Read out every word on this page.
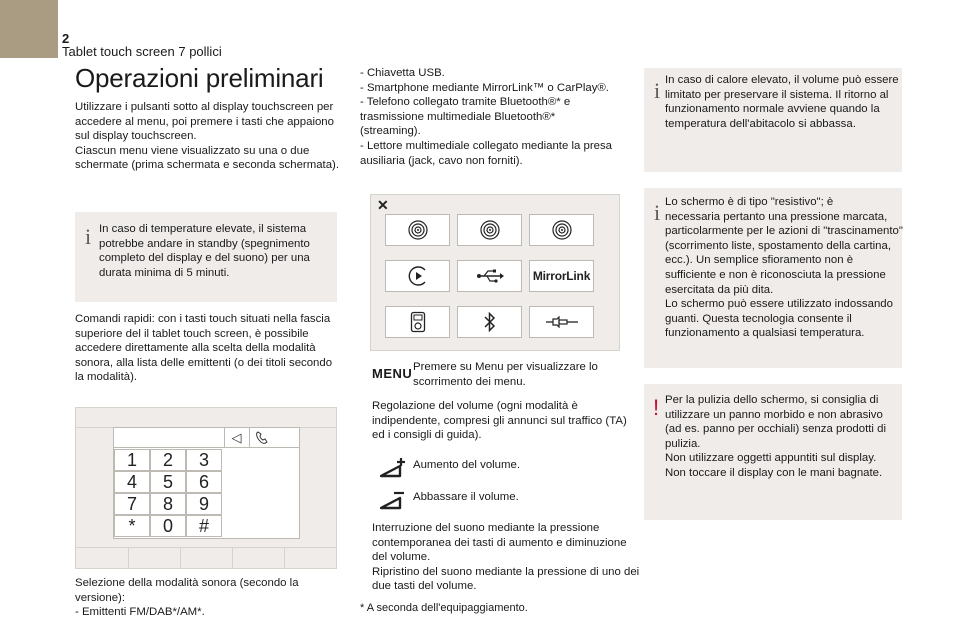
2
Tablet touch screen 7 pollici
Operazioni preliminari
Utilizzare i pulsanti sotto al display touchscreen per
accedere al menu, poi premere i tasti che appaiono
sul display touchscreen.
Ciascun menu viene visualizzato su una o due
schermate (prima schermata e seconda schermata).
i In caso di temperature elevate, il sistema
potrebbe andare in standby (spegnimento
completo del display e del suono) per una
durata minima di 5 minuti.
Comandi rapidi: con i tasti touch situati nella fascia
superiore del il tablet touch screen, è possibile
accedere direttamente alla scelta della modalità
sonora, alla lista delle emittenti (o dei titoli secondo
la modalità).
◁
1	2	3
4	5	6
7	8	9
*	0	#
Selezione della modalità sonora (secondo la
versione):
- Emittenti FM/DAB*/AM*.
- Chiavetta USB.
- Smartphone mediante MirrorLink™ o CarPlay®.
- Telefono collegato tramite Bluetooth®* e
trasmissione multimediale Bluetooth®*
(streaming).
- Lettore multimediale collegato mediante la presa
ausiliaria (jack, cavo non forniti).
✕
MirrorLink
MENU Premere su Menu per visualizzare lo
scorrimento dei menu.
Regolazione del volume (ogni modalità è
indipendente, compresi gli annunci sul traffico (TA)
ed i consigli di guida).
Aumento del volume.
Abbassare il volume.
Interruzione del suono mediante la pressione
contemporanea dei tasti di aumento e diminuzione
del volume.
Ripristino del suono mediante la pressione di uno dei
due tasti del volume.
* A seconda dell'equipaggiamento.
i In caso di calore elevato, il volume può essere
limitato per preservare il sistema. Il ritorno al
funzionamento normale avviene quando la
temperatura dell'abitacolo si abbassa.
i Lo schermo è di tipo "resistivo"; è
necessaria pertanto una pressione marcata,
particolarmente per le azioni di "trascinamento"
(scorrimento liste, spostamento della cartina,
ecc.). Un semplice sfioramento non è
sufficiente e non è riconosciuta la pressione
esercitata da più dita.
Lo schermo può essere utilizzato indossando
guanti. Questa tecnologia consente il
funzionamento a qualsiasi temperatura.
! Per la pulizia dello schermo, si consiglia di
utilizzare un panno morbido e non abrasivo
(ad es. panno per occhiali) senza prodotti di
pulizia.
Non utilizzare oggetti appuntiti sul display.
Non toccare il display con le mani bagnate.
